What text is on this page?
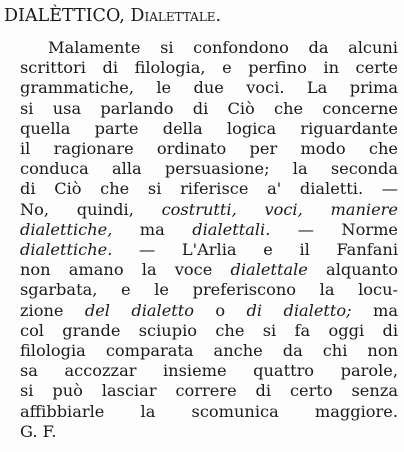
DIALÈTTICO, Dialettale.
Malamente si confondono da alcuni
scrittori di filologia, e perfino in certe
grammatiche, le due voci. La prima
si usa parlando di Ciò che concerne
quella parte della logica riguardante
il ragionare ordinato per modo che
conduca alla persuasione; la seconda
di Ciò che si riferisce a' dialetti. —
No, quindi, costrutti, voci, maniere
dialettiche, ma dialettali. — Norme
dialettiche. — L'Arlia e il Fanfani
non amano la voce dialettale alquanto
sgarbata, e le preferiscono la locu-
zione del dialetto o di dialetto; ma
col grande sciupio che si fa oggi di
filologia comparata anche da chi non
sa accozzar insieme quattro parole,
si può lasciar correre di certo senza
affibbiarle la scomunica maggiore.
G. F.
